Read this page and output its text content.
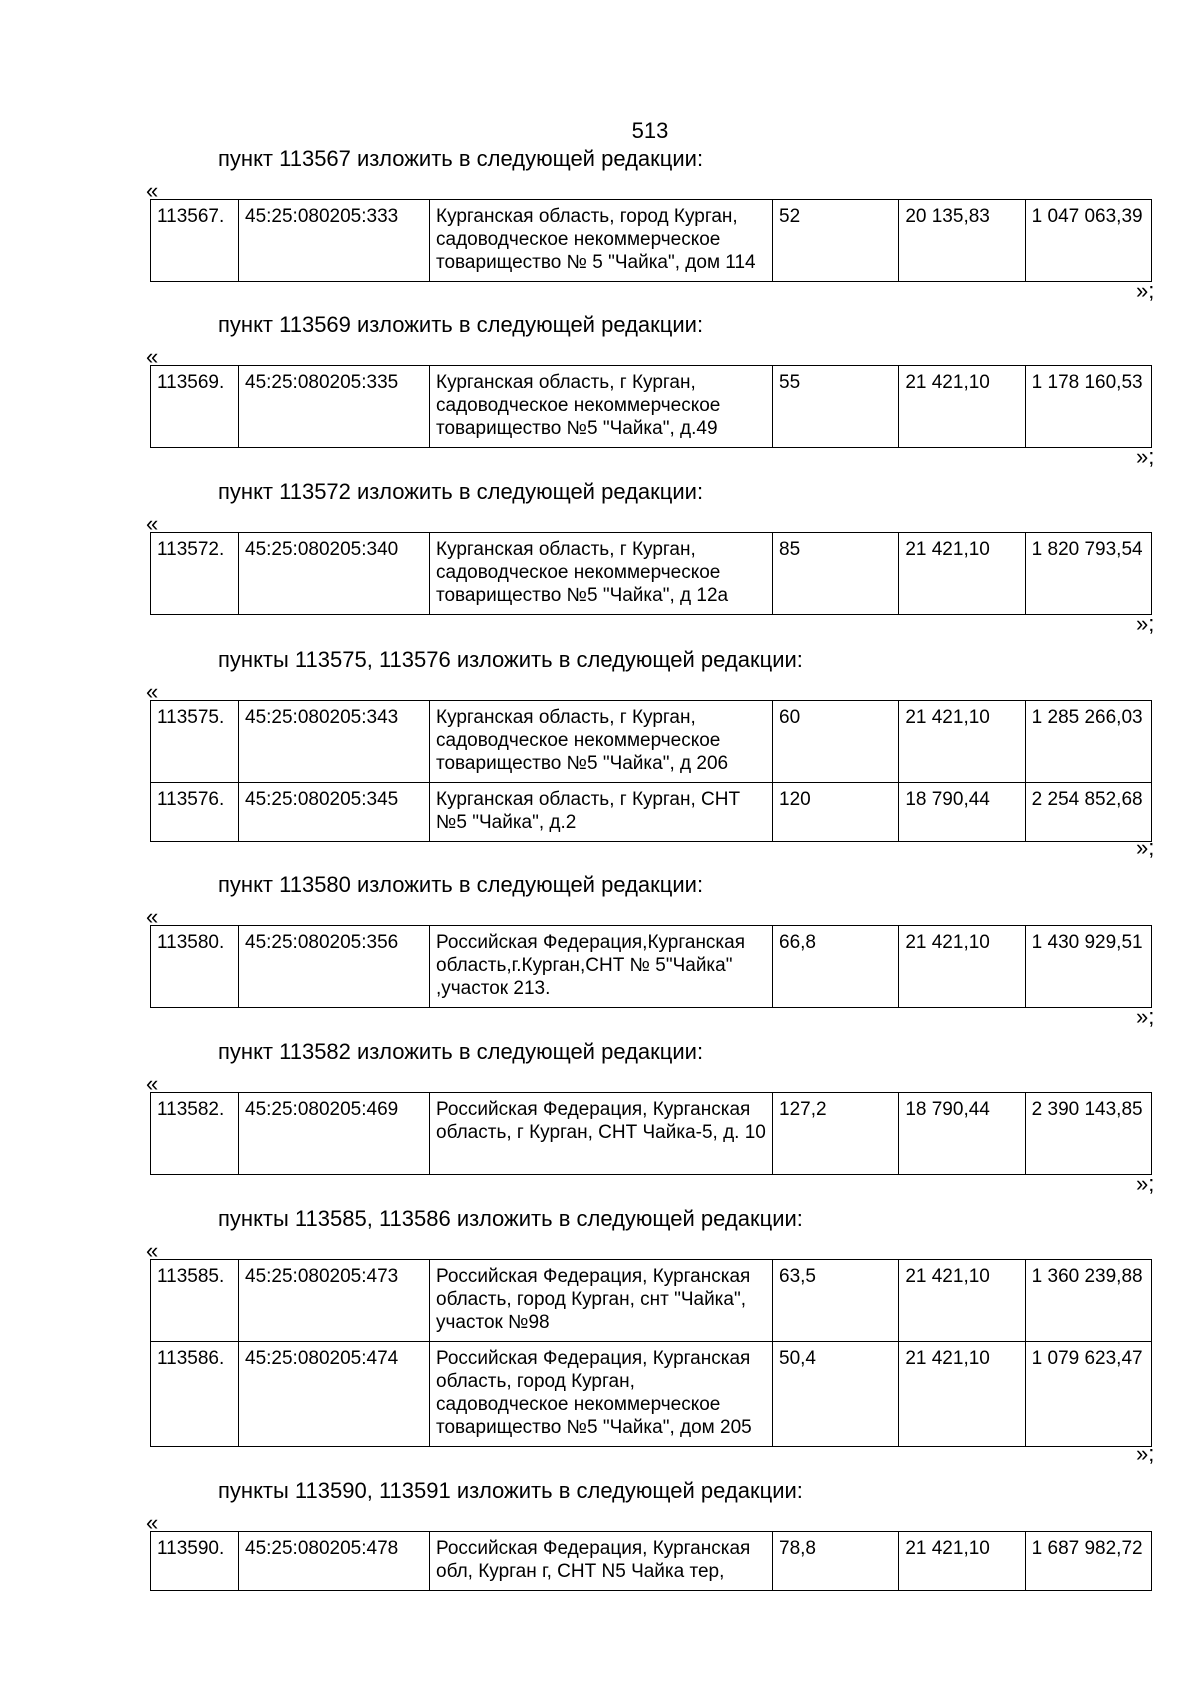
513
пункт 113567 изложить в следующей редакции:
«
113567.	45:25:080205:333	Курганская область, город Курган, садоводческое некоммерческое товарищество № 5 "Чайка", дом 114	52	20 135,83	1 047 063,39
»;
пункт 113569 изложить в следующей редакции:
«
113569.	45:25:080205:335	Курганская область, г Курган, садоводческое некоммерческое товарищество №5 "Чайка", д.49	55	21 421,10	1 178 160,53
»;
пункт 113572 изложить в следующей редакции:
«
113572.	45:25:080205:340	Курганская область, г Курган, садоводческое некоммерческое товарищество №5 "Чайка", д 12а	85	21 421,10	1 820 793,54
»;
пункты 113575, 113576 изложить в следующей редакции:
«
113575.	45:25:080205:343	Курганская область, г Курган, садоводческое некоммерческое товарищество №5 "Чайка", д 206	60	21 421,10	1 285 266,03
113576.	45:25:080205:345	Курганская область, г Курган, СНТ №5 "Чайка", д.2	120	18 790,44	2 254 852,68
»;
пункт 113580 изложить в следующей редакции:
«
113580.	45:25:080205:356	Российская Федерация,Курганская область,г.Курган,СНТ № 5"Чайка" ,участок 213.	66,8	21 421,10	1 430 929,51
»;
пункт 113582 изложить в следующей редакции:
«
113582.	45:25:080205:469	Российская Федерация, Курганская область, г Курган, СНТ Чайка-5, д. 10	127,2	18 790,44	2 390 143,85
»;
пункты 113585, 113586 изложить в следующей редакции:
«
113585.	45:25:080205:473	Российская Федерация, Курганская область, город Курган, снт "Чайка", участок №98	63,5	21 421,10	1 360 239,88
113586.	45:25:080205:474	Российская Федерация, Курганская область, город Курган, садоводческое некоммерческое товарищество №5 "Чайка", дом 205	50,4	21 421,10	1 079 623,47
»;
пункты 113590, 113591 изложить в следующей редакции:
«
113590.	45:25:080205:478	Российская Федерация, Курганская обл, Курган г, СНТ N5 Чайка тер,	78,8	21 421,10	1 687 982,72
